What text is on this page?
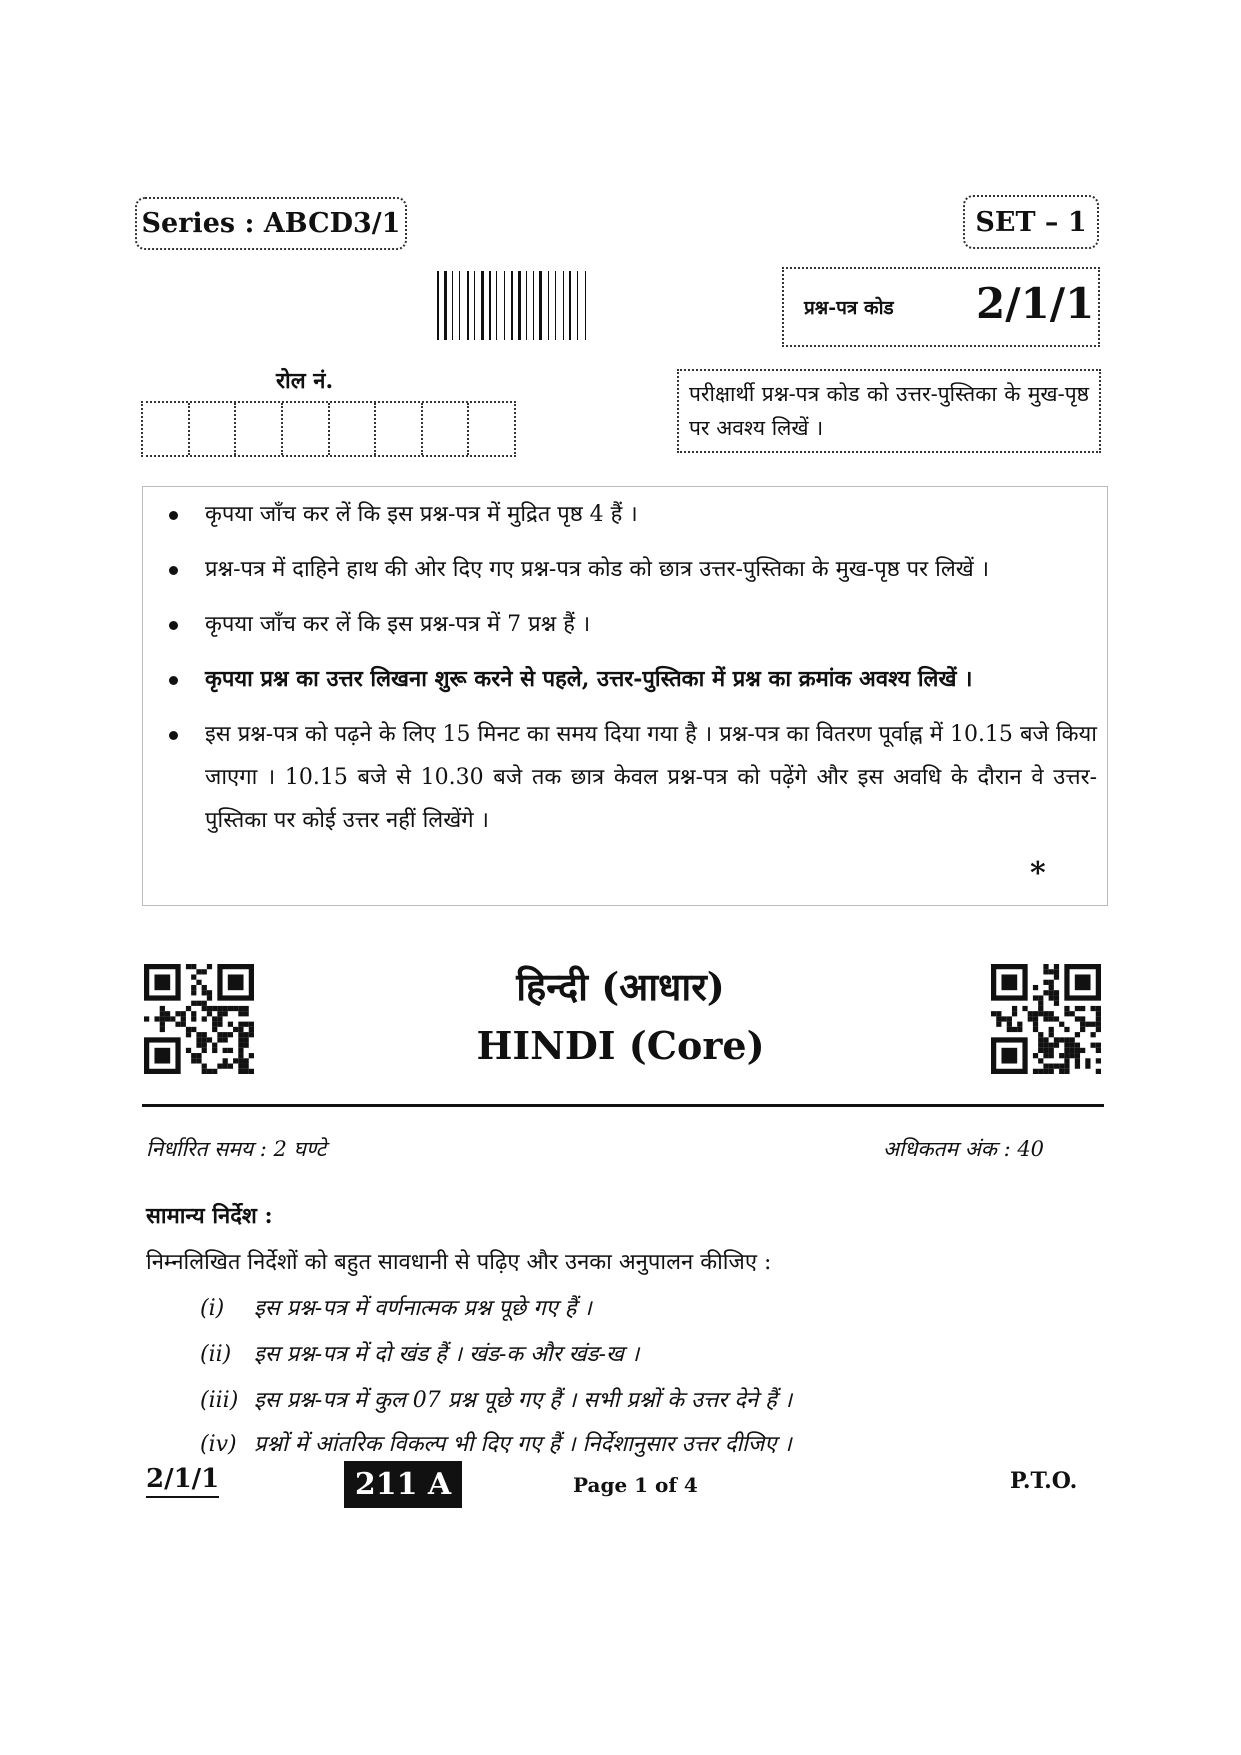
Series : ABCD3/1	SET – 1
प्रश्न-पत्र कोड 2/1/1
रोल नं.	परीक्षार्थी प्रश्न-पत्र कोड को उत्तर-पुस्तिका के मुख-पृष्ठ पर अवश्य लिखें ।
कृपया जाँच कर लें कि इस प्रश्न-पत्र में मुद्रित पृष्ठ 4 हैं ।
प्रश्न-पत्र में दाहिने हाथ की ओर दिए गए प्रश्न-पत्र कोड को छात्र उत्तर-पुस्तिका के मुख-पृष्ठ पर लिखें ।
कृपया जाँच कर लें कि इस प्रश्न-पत्र में 7 प्रश्न हैं ।
कृपया प्रश्न का उत्तर लिखना शुरू करने से पहले, उत्तर-पुस्तिका में प्रश्न का क्रमांक अवश्य लिखें ।
इस प्रश्न-पत्र को पढ़ने के लिए 15 मिनट का समय दिया गया है । प्रश्न-पत्र का वितरण पूर्वाह्न में 10.15 बजे किया जाएगा । 10.15 बजे से 10.30 बजे तक छात्र केवल प्रश्न-पत्र को पढ़ेंगे और इस अवधि के दौरान वे उत्तर-पुस्तिका पर कोई उत्तर नहीं लिखेंगे ।
*
हिन्दी (आधार)
HINDI (Core)
निर्धारित समय : 2 घण्टे	अधिकतम अंक : 40
सामान्य निर्देश :
निम्नलिखित निर्देशों को बहुत सावधानी से पढ़िए और उनका अनुपालन कीजिए :
(i) इस प्रश्न-पत्र में वर्णनात्मक प्रश्न पूछे गए हैं ।
(ii) इस प्रश्न-पत्र में दो खंड हैं । खंड-क और खंड-ख ।
(iii) इस प्रश्न-पत्र में कुल 07 प्रश्न पूछे गए हैं । सभी प्रश्नों के उत्तर देने हैं ।
(iv) प्रश्नों में आंतरिक विकल्प भी दिए गए हैं । निर्देशानुसार उत्तर दीजिए ।
2/1/1	211 A	Page 1 of 4	P.T.O.
